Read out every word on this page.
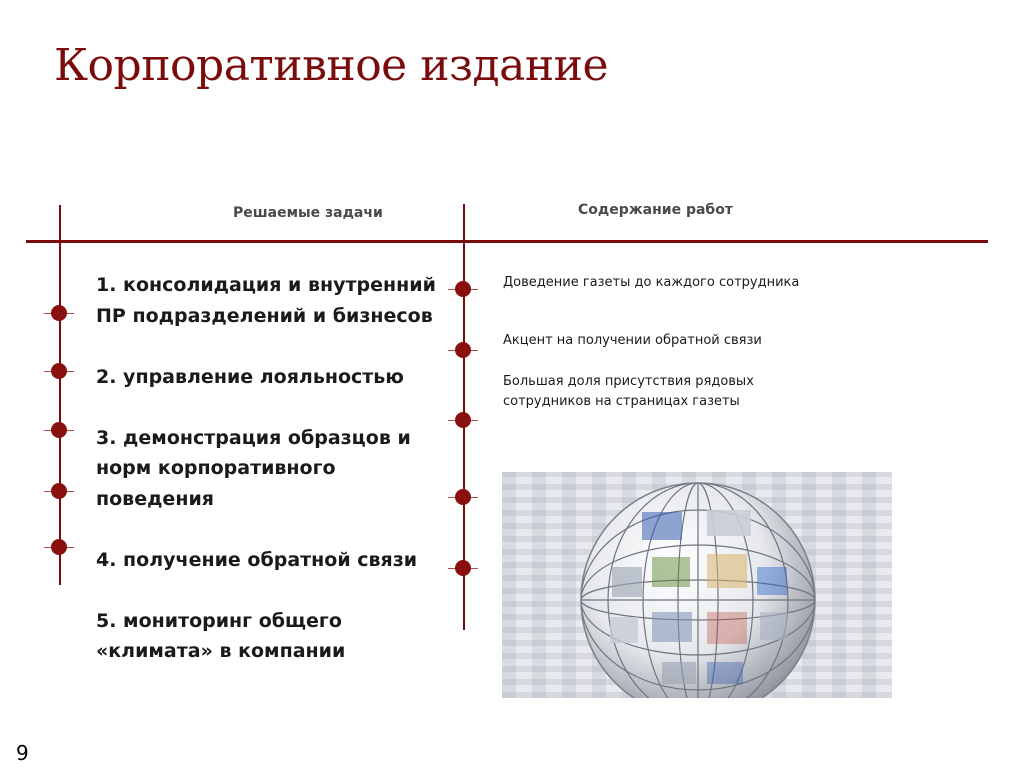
Корпоративное издание
Решаемые задачи	Содержание работ
1. консолидация и внутренний ПР подразделений и бизнесов
2. управление лояльностью
3. демонстрация образцов и норм корпоративного поведения
4. получение обратной связи
5. мониторинг общего «климата» в компании
Доведение газеты до каждого сотрудника
Акцент на получении обратной связи
Большая доля присутствия рядовых сотрудников на страницах газеты
9
